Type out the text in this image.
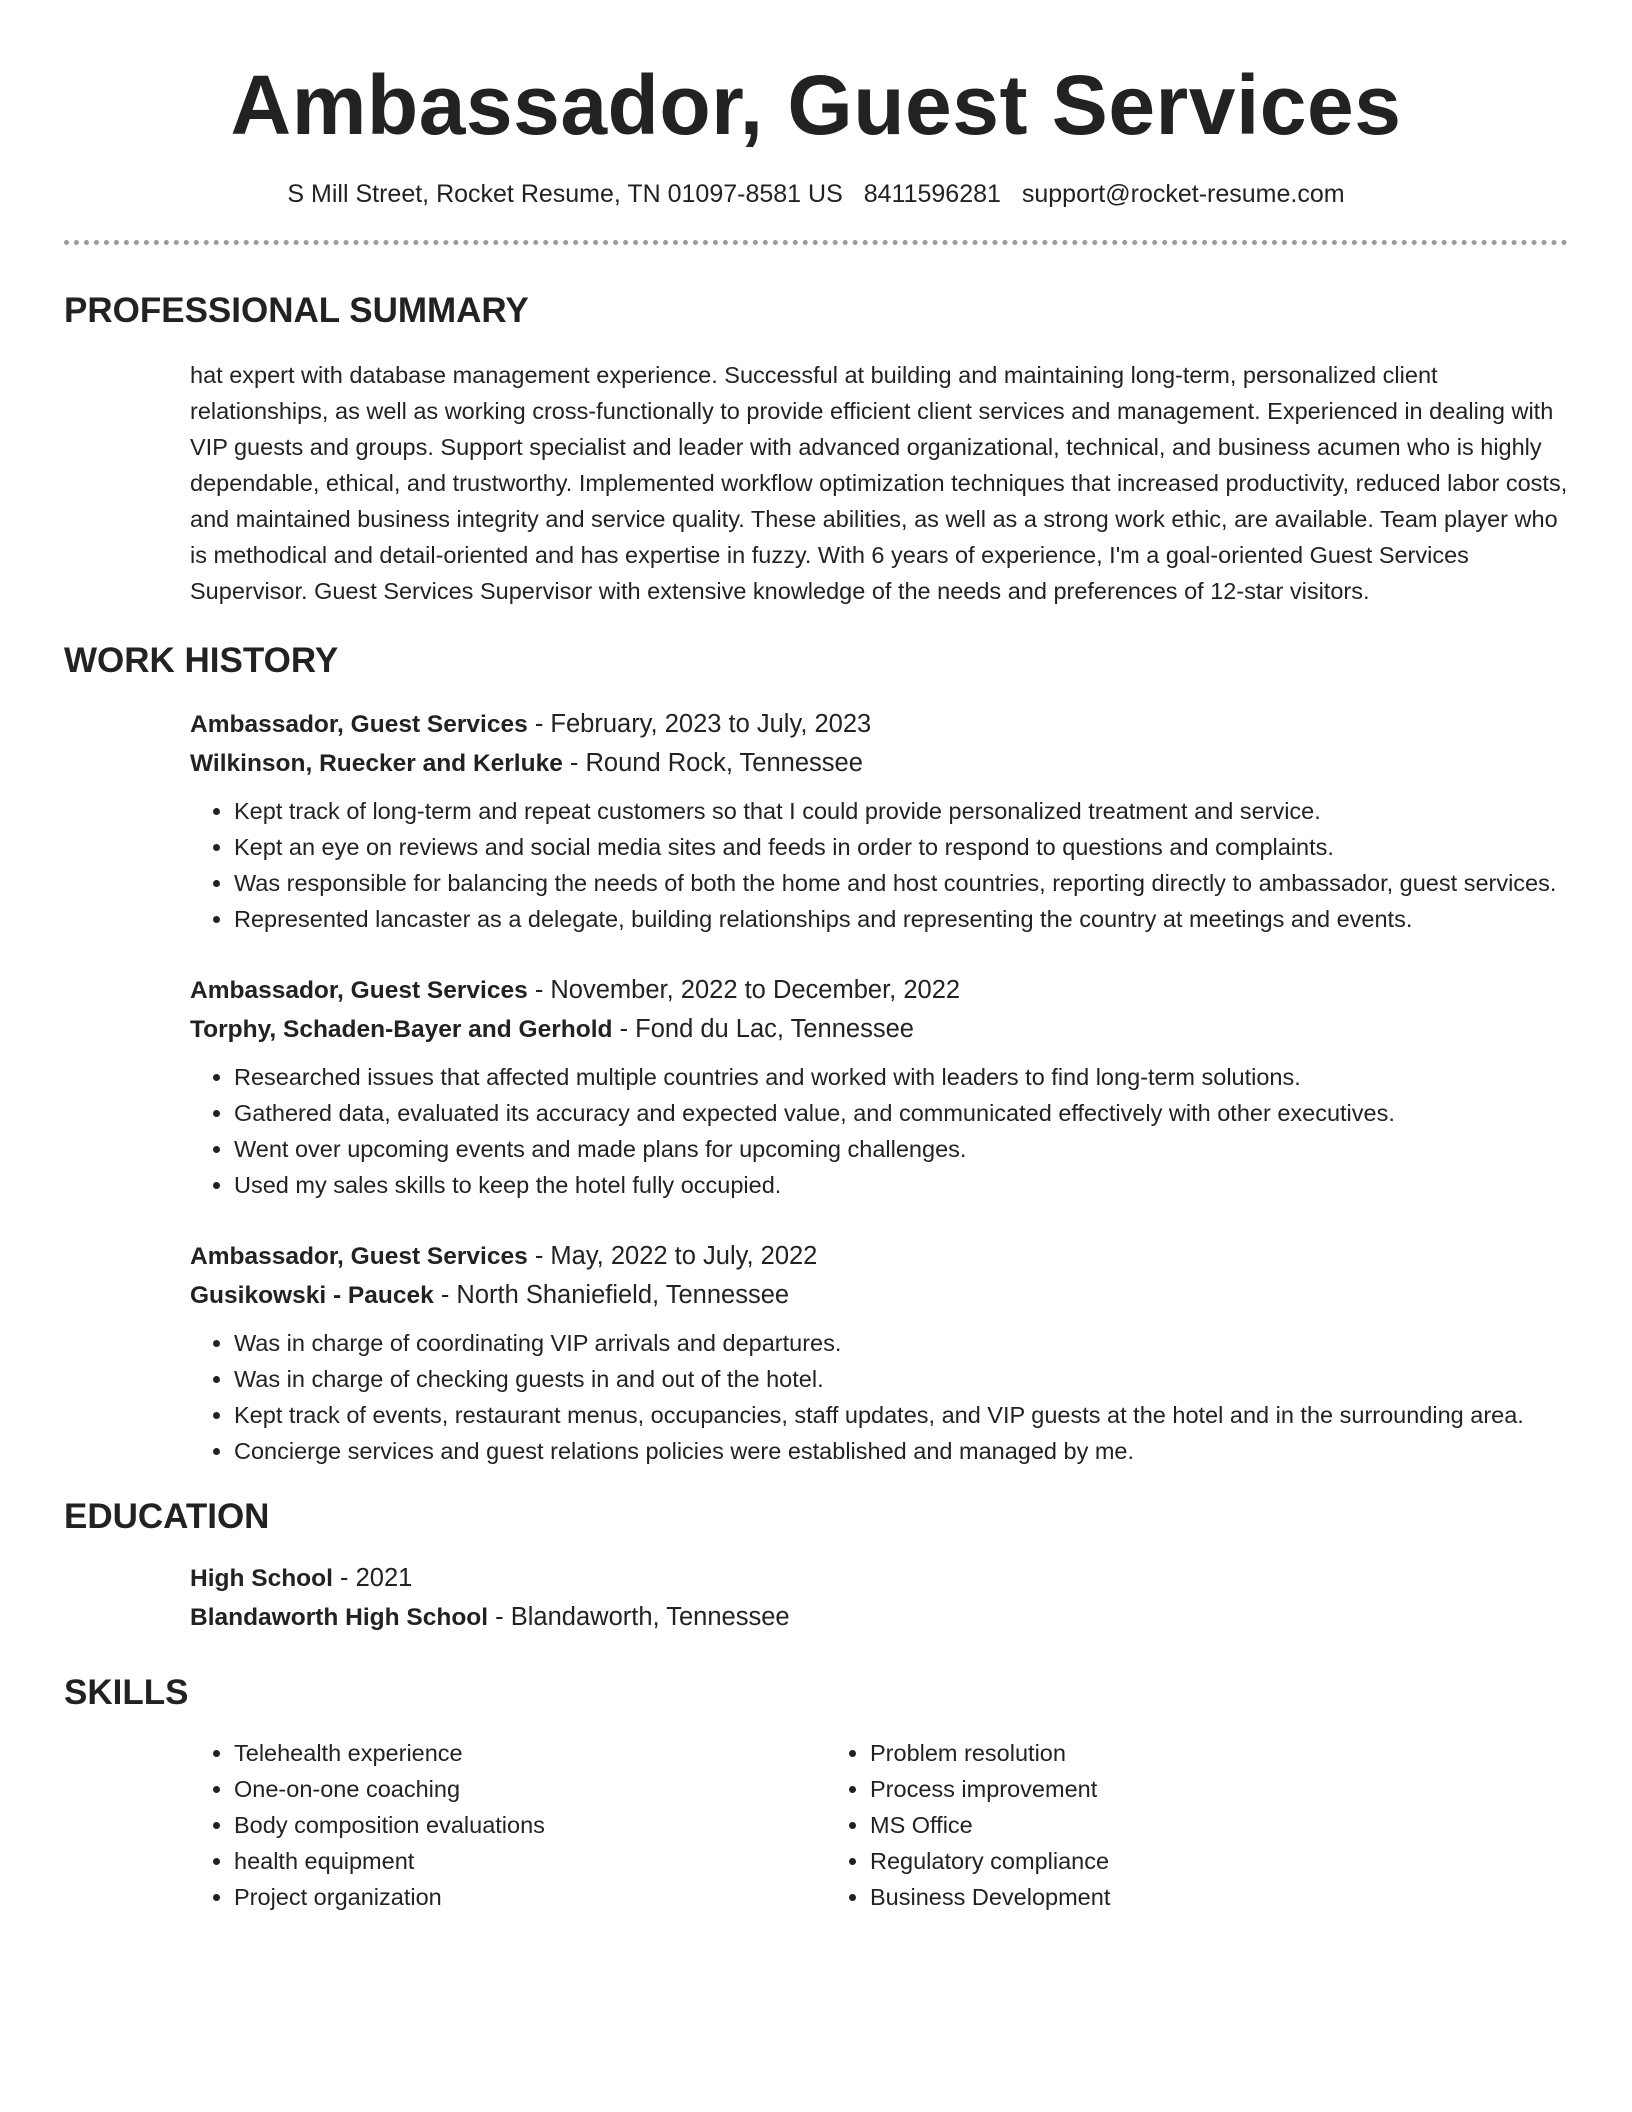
Ambassador, Guest Services
S Mill Street, Rocket Resume, TN 01097-8581 US 8411596281 support@rocket-resume.com
PROFESSIONAL SUMMARY

hat expert with database management experience. Successful at building and maintaining long-term, personalized client relationships, as well as working cross-functionally to provide efficient client services and management. Experienced in dealing with VIP guests and groups. Support specialist and leader with advanced organizational, technical, and business acumen who is highly dependable, ethical, and trustworthy. Implemented workflow optimization techniques that increased productivity, reduced labor costs, and maintained business integrity and service quality. These abilities, as well as a strong work ethic, are available. Team player who is methodical and detail-oriented and has expertise in fuzzy. With 6 years of experience, I'm a goal-oriented Guest Services Supervisor. Guest Services Supervisor with extensive knowledge of the needs and preferences of 12-star visitors.

WORK HISTORY
Ambassador, Guest Services - February, 2023 to July, 2023
Wilkinson, Ruecker and Kerluke - Round Rock, Tennessee
• Kept track of long-term and repeat customers so that I could provide personalized treatment and service.
• Kept an eye on reviews and social media sites and feeds in order to respond to questions and complaints.
• Was responsible for balancing the needs of both the home and host countries, reporting directly to ambassador, guest services.
• Represented lancaster as a delegate, building relationships and representing the country at meetings and events.
Ambassador, Guest Services - November, 2022 to December, 2022
Torphy, Schaden-Bayer and Gerhold - Fond du Lac, Tennessee
• Researched issues that affected multiple countries and worked with leaders to find long-term solutions.
• Gathered data, evaluated its accuracy and expected value, and communicated effectively with other executives.
• Went over upcoming events and made plans for upcoming challenges.
• Used my sales skills to keep the hotel fully occupied.
Ambassador, Guest Services - May, 2022 to July, 2022
Gusikowski - Paucek - North Shaniefield, Tennessee
• Was in charge of coordinating VIP arrivals and departures.
• Was in charge of checking guests in and out of the hotel.
• Kept track of events, restaurant menus, occupancies, staff updates, and VIP guests at the hotel and in the surrounding area.
• Concierge services and guest relations policies were established and managed by me.
EDUCATION
High School - 2021
Blandaworth High School - Blandaworth, Tennessee
SKILLS
• Telehealth experience
• One-on-one coaching
• Body composition evaluations
• health equipment
• Project organization
• Problem resolution
• Process improvement
• MS Office
• Regulatory compliance
• Business Development
